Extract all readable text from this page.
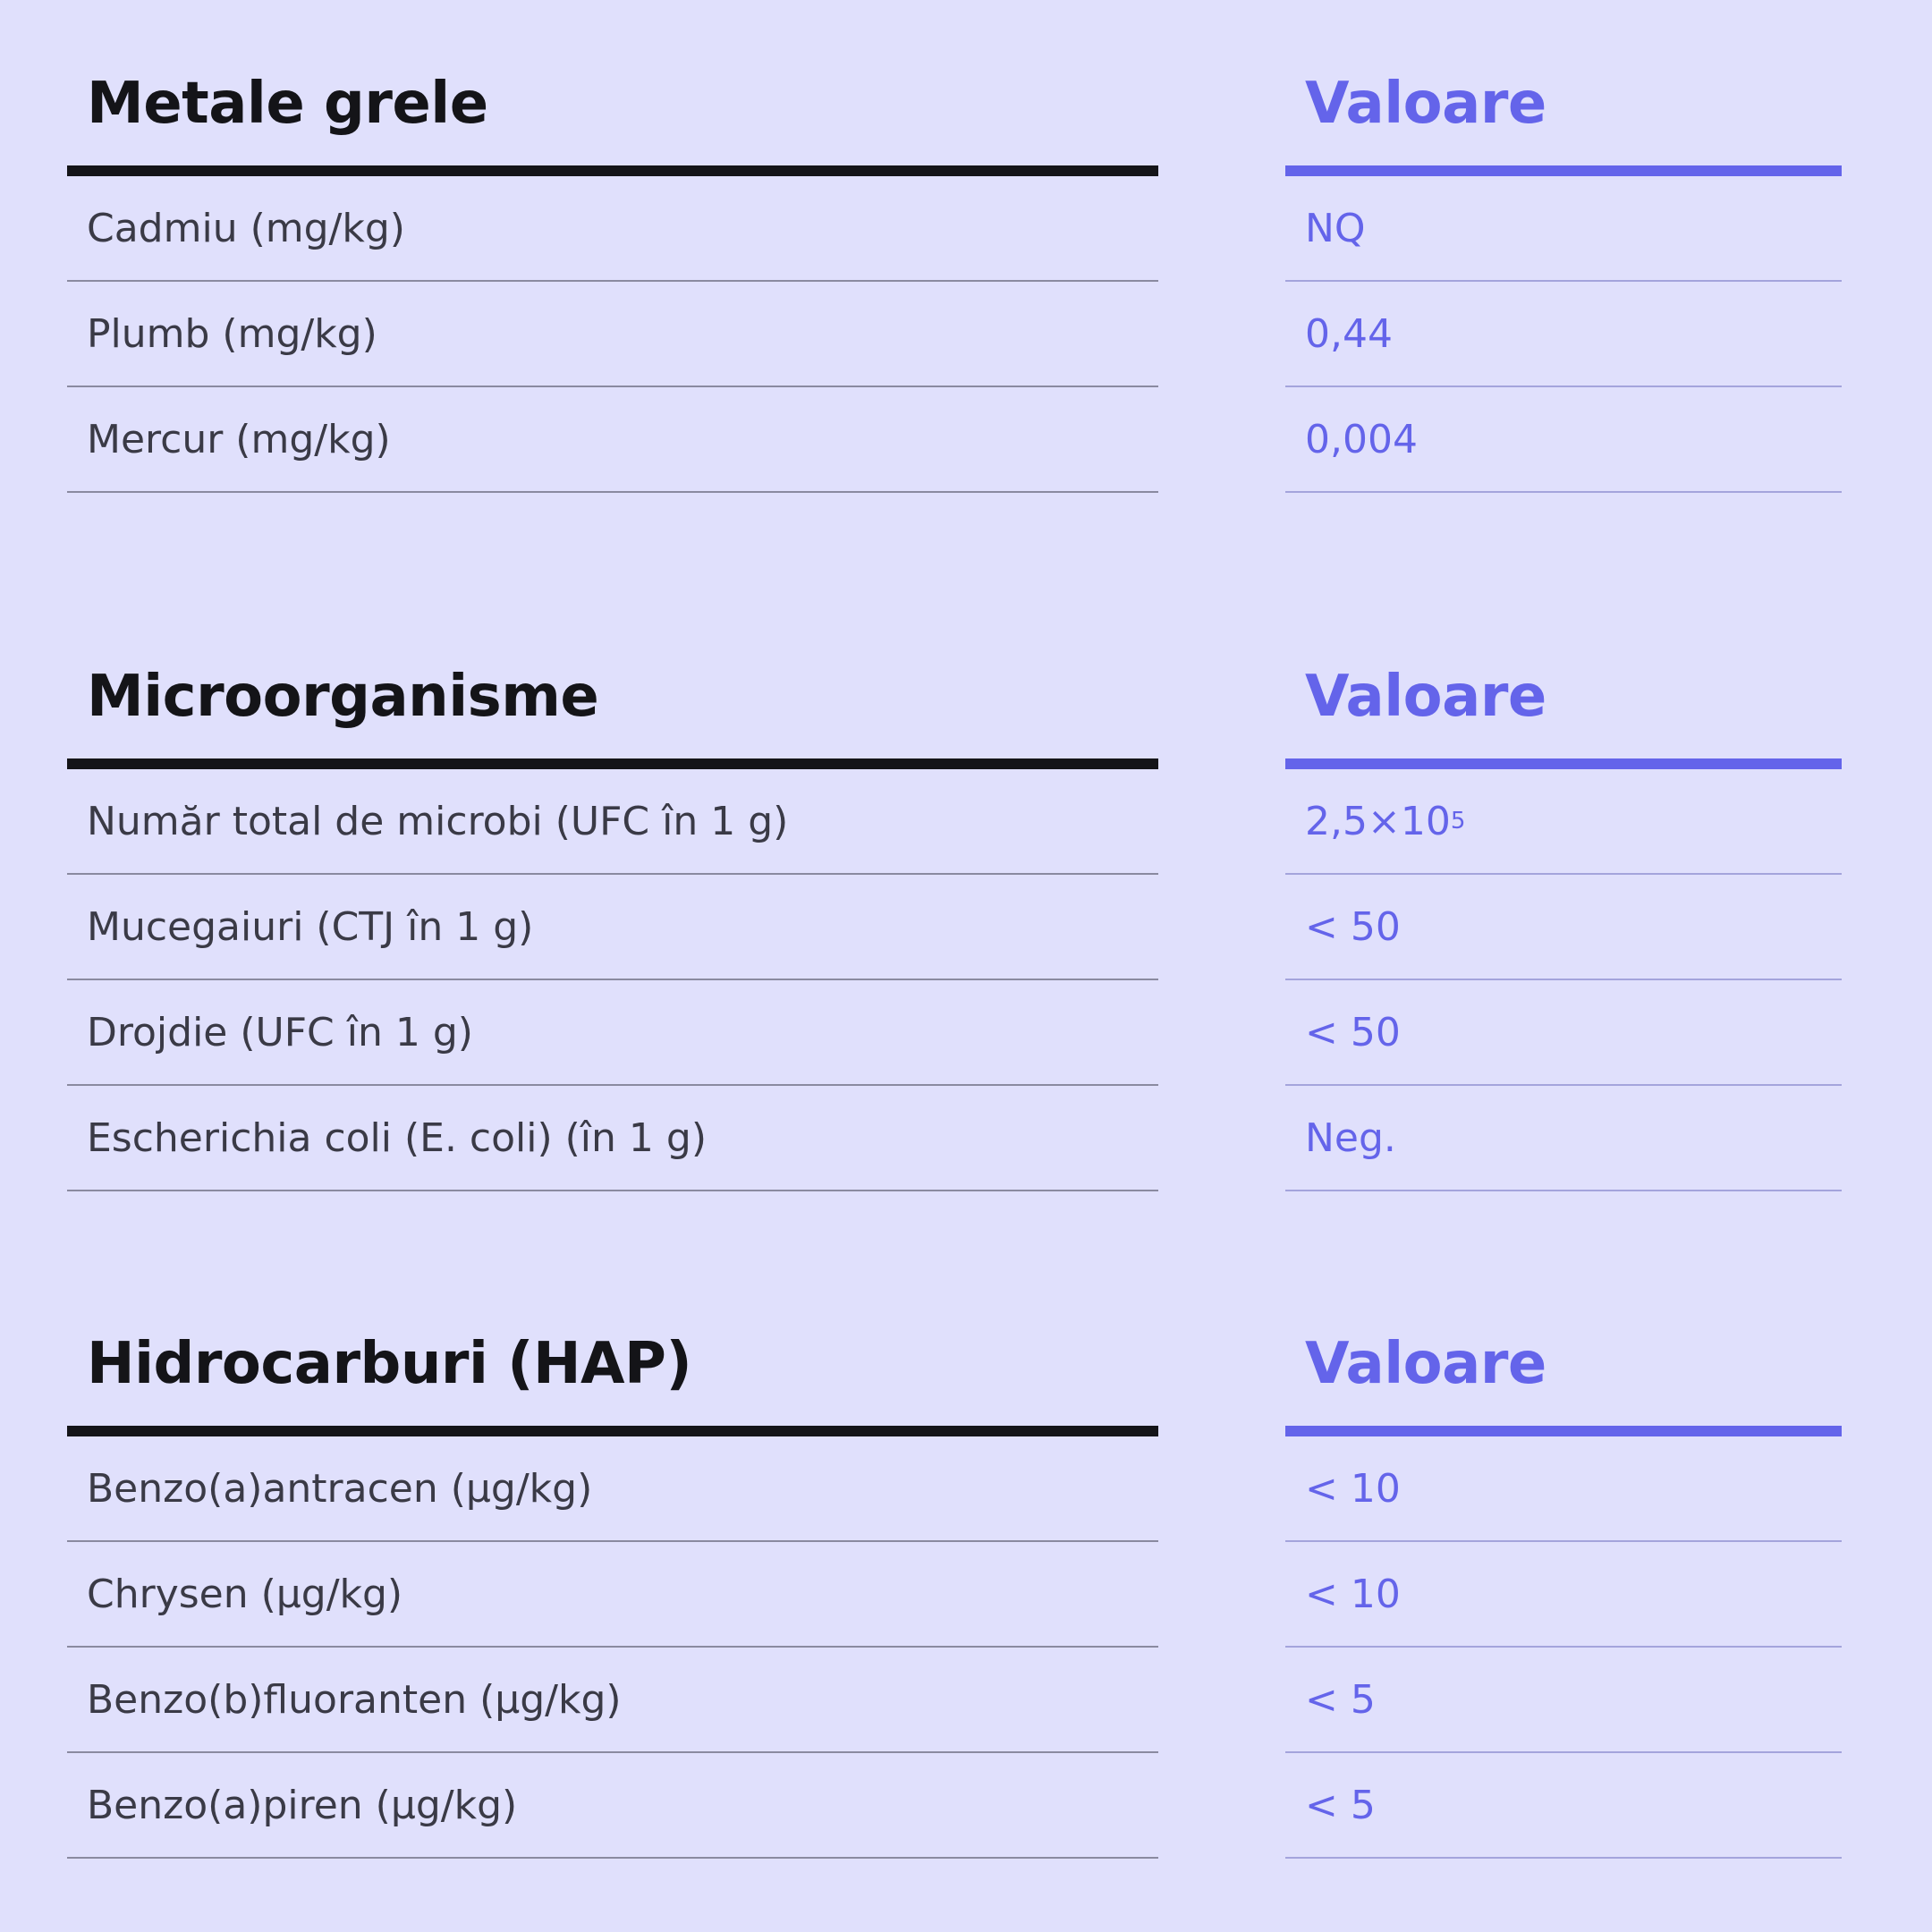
Metale grele
Cadmiu (mg/kg)
Plumb (mg/kg)
Mercur (mg/kg)
Valoare
NQ
0,44
0,004
Microorganisme
Număr total de microbi (UFC în 1 g)
Mucegaiuri (CTJ în 1 g)
Drojdie (UFC în 1 g)
Escherichia coli (E. coli) (în 1 g)
Valoare
2,5×10 5
< 50
< 50
Neg.
Hidrocarburi (HAP)
Benzo(a)antracen (µg/kg)
Chrysen (µg/kg)
Benzo(b)fluoranten (µg/kg)
Benzo(a)piren (µg/kg)
Valoare
< 10
< 10
< 5
< 5
